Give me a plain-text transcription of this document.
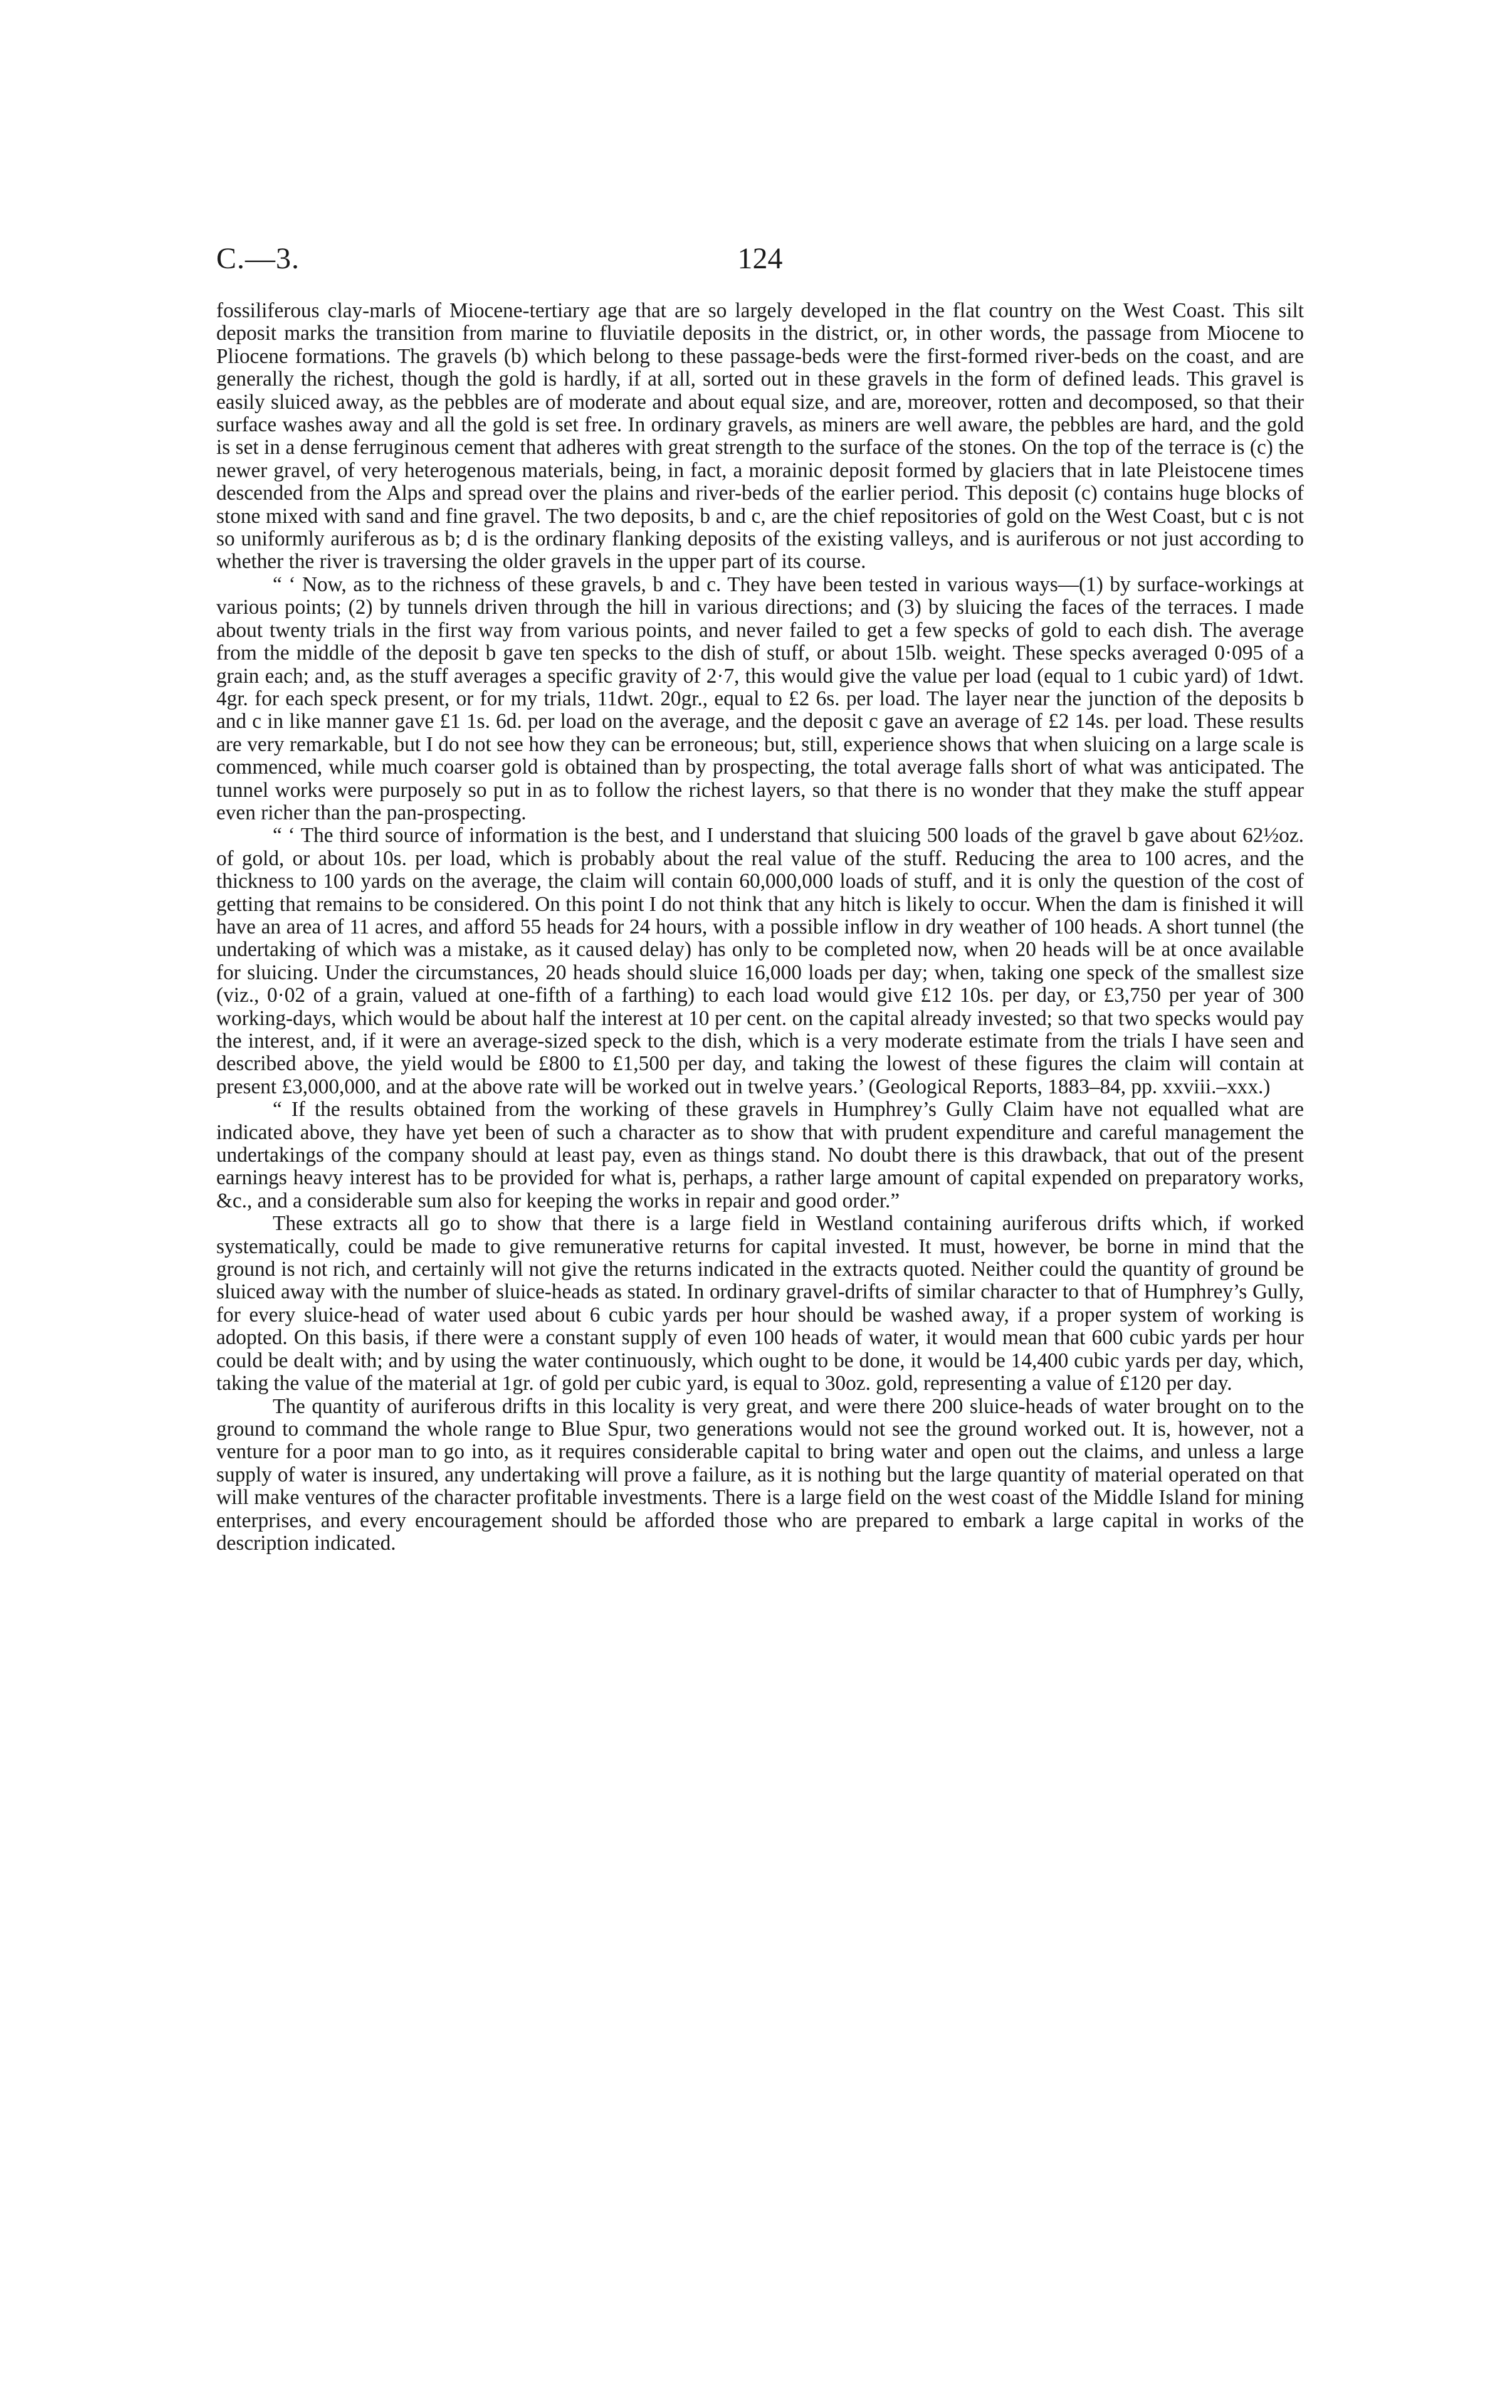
C.—3.	124

fossiliferous clay-marls of Miocene-tertiary age that are so largely developed in the flat country on the West Coast. This silt deposit marks the transition from marine to fluviatile deposits in the district, or, in other words, the passage from Miocene to Pliocene formations. The gravels (b) which belong to these passage-beds were the first-formed river-beds on the coast, and are generally the richest, though the gold is hardly, if at all, sorted out in these gravels in the form of defined leads. This gravel is easily sluiced away, as the pebbles are of moderate and about equal size, and are, moreover, rotten and decomposed, so that their surface washes away and all the gold is set free. In ordinary gravels, as miners are well aware, the pebbles are hard, and the gold is set in a dense ferruginous cement that adheres with great strength to the surface of the stones. On the top of the terrace is (c) the newer gravel, of very heterogenous materials, being, in fact, a morainic deposit formed by glaciers that in late Pleistocene times descended from the Alps and spread over the plains and river-beds of the earlier period. This deposit (c) contains huge blocks of stone mixed with sand and fine gravel. The two deposits, b and c, are the chief repositories of gold on the West Coast, but c is not so uniformly auriferous as b; d is the ordinary flanking deposits of the existing valleys, and is auriferous or not just according to whether the river is traversing the older gravels in the upper part of its course.

“ ‘ Now, as to the richness of these gravels, b and c. They have been tested in various ways—(1) by surface-workings at various points; (2) by tunnels driven through the hill in various directions; and (3) by sluicing the faces of the terraces. I made about twenty trials in the first way from various points, and never failed to get a few specks of gold to each dish. The average from the middle of the deposit b gave ten specks to the dish of stuff, or about 15lb. weight. These specks averaged 0·095 of a grain each; and, as the stuff averages a specific gravity of 2·7, this would give the value per load (equal to 1 cubic yard) of 1dwt. 4gr. for each speck present, or for my trials, 11dwt. 20gr., equal to £2 6s. per load. The layer near the junction of the deposits b and c in like manner gave £1 1s. 6d. per load on the average, and the deposit c gave an average of £2 14s. per load. These results are very remarkable, but I do not see how they can be erroneous; but, still, experience shows that when sluicing on a large scale is commenced, while much coarser gold is obtained than by prospecting, the total average falls short of what was anticipated. The tunnel works were purposely so put in as to follow the richest layers, so that there is no wonder that they make the stuff appear even richer than the pan-prospecting.

“ ‘ The third source of information is the best, and I understand that sluicing 500 loads of the gravel b gave about 62½oz. of gold, or about 10s. per load, which is probably about the real value of the stuff. Reducing the area to 100 acres, and the thickness to 100 yards on the average, the claim will contain 60,000,000 loads of stuff, and it is only the question of the cost of getting that remains to be considered. On this point I do not think that any hitch is likely to occur. When the dam is finished it will have an area of 11 acres, and afford 55 heads for 24 hours, with a possible inflow in dry weather of 100 heads. A short tunnel (the undertaking of which was a mistake, as it caused delay) has only to be completed now, when 20 heads will be at once available for sluicing. Under the circumstances, 20 heads should sluice 16,000 loads per day; when, taking one speck of the smallest size (viz., 0·02 of a grain, valued at one-fifth of a farthing) to each load would give £12 10s. per day, or £3,750 per year of 300 working-days, which would be about half the interest at 10 per cent. on the capital already invested; so that two specks would pay the interest, and, if it were an average-sized speck to the dish, which is a very moderate estimate from the trials I have seen and described above, the yield would be £800 to £1,500 per day, and taking the lowest of these figures the claim will contain at present £3,000,000, and at the above rate will be worked out in twelve years.’ (Geological Reports, 1883–84, pp. xxviii.–xxx.)

“ If the results obtained from the working of these gravels in Humphrey’s Gully Claim have not equalled what are indicated above, they have yet been of such a character as to show that with prudent expenditure and careful management the undertakings of the company should at least pay, even as things stand. No doubt there is this drawback, that out of the present earnings heavy interest has to be provided for what is, perhaps, a rather large amount of capital expended on preparatory works, &c., and a considerable sum also for keeping the works in repair and good order.”

These extracts all go to show that there is a large field in Westland containing auriferous drifts which, if worked systematically, could be made to give remunerative returns for capital invested. It must, however, be borne in mind that the ground is not rich, and certainly will not give the returns indicated in the extracts quoted. Neither could the quantity of ground be sluiced away with the number of sluice-heads as stated. In ordinary gravel-drifts of similar character to that of Humphrey’s Gully, for every sluice-head of water used about 6 cubic yards per hour should be washed away, if a proper system of working is adopted. On this basis, if there were a constant supply of even 100 heads of water, it would mean that 600 cubic yards per hour could be dealt with; and by using the water continuously, which ought to be done, it would be 14,400 cubic yards per day, which, taking the value of the material at 1gr. of gold per cubic yard, is equal to 30oz. gold, representing a value of £120 per day.

The quantity of auriferous drifts in this locality is very great, and were there 200 sluice-heads of water brought on to the ground to command the whole range to Blue Spur, two generations would not see the ground worked out. It is, however, not a venture for a poor man to go into, as it requires considerable capital to bring water and open out the claims, and unless a large supply of water is insured, any undertaking will prove a failure, as it is nothing but the large quantity of material operated on that will make ventures of the character profitable investments. There is a large field on the west coast of the Middle Island for mining enterprises, and every encouragement should be afforded those who are prepared to embark a large capital in works of the description indicated.
